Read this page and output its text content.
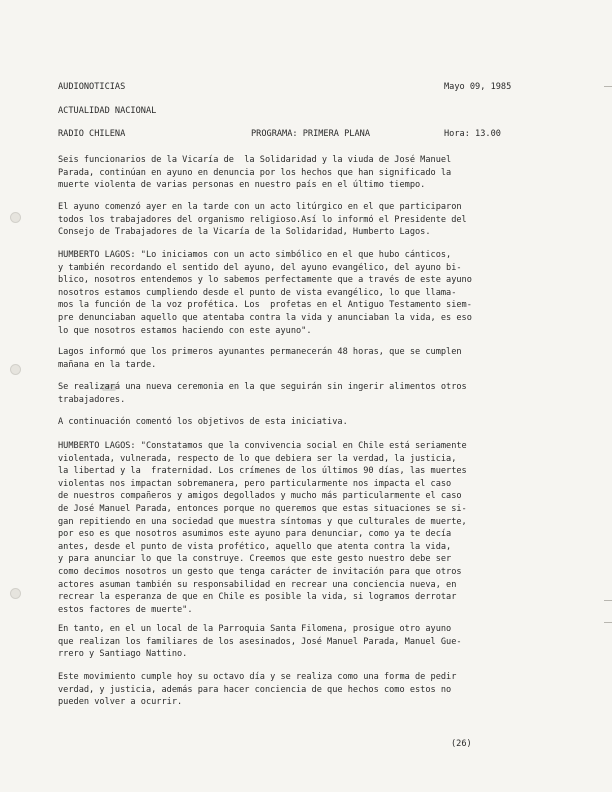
AUDIONOTICIAS	Mayo 09, 1985
ACTUALIDAD NACIONAL
RADIO CHILENA	PROGRAMA: PRIMERA PLANA	Hora: 13.00
Seis funcionarios de la Vicaría de  la Solidaridad y la viuda de José Manuel
Parada, continúan en ayuno en denuncia por los hechos que han significado la
muerte violenta de varias personas en nuestro país en el último tiempo.
El ayuno comenzó ayer en la tarde con un acto litúrgico en el que participaron
todos los trabajadores del organismo religioso.Así lo informó el Presidente del
Consejo de Trabajadores de la Vicaría de la Solidaridad, Humberto Lagos.
HUMBERTO LAGOS: "Lo iniciamos con un acto simbólico en el que hubo cánticos,
y también recordando el sentido del ayuno, del ayuno evangélico, del ayuno bi-
blico, nosotros entendemos y lo sabemos perfectamente que a través de este ayuno
nosotros estamos cumpliendo desde el punto de vista evangélico, lo que llama-
mos la función de la voz profética. Los  profetas en el Antiguo Testamento siem-
pre denunciaban aquello que atentaba contra la vida y anunciaban la vida, es eso
lo que nosotros estamos haciendo con este ayuno".
Lagos informó que los primeros ayunantes permanecerán 48 horas, que se cumplen
mañana en la tarde.
Se realizará una nueva ceremonia en la que seguirán sin ingerir alimentos otros
trabajadores.
A continuación comentó los objetivos de esta iniciativa.
HUMBERTO LAGOS: "Constatamos que la convivencia social en Chile está seriamente
violentada, vulnerada, respecto de lo que debiera ser la verdad, la justicia,
la libertad y la  fraternidad. Los crímenes de los últimos 90 días, las muertes
violentas nos impactan sobremanera, pero particularmente nos impacta el caso
de nuestros compañeros y amigos degollados y mucho más particularmente el caso
de José Manuel Parada, entonces porque no queremos que estas situaciones se si-
gan repitiendo en una sociedad que muestra síntomas y que culturales de muerte,
por eso es que nosotros asumimos este ayuno para denunciar, como ya te decía
antes, desde el punto de vista profético, aquello que atenta contra la vida,
y para anunciar lo que la construye. Creemos que este gesto nuestro debe ser
como decimos nosotros un gesto que tenga carácter de invitación para que otros
actores asuman también su responsabilidad en recrear una conciencia nueva, en
recrear la esperanza de que en Chile es posible la vida, si logramos derrotar
estos factores de muerte".
En tanto, en el un local de la Parroquia Santa Filomena, prosigue otro ayuno
que realizan los familiares de los asesinados, José Manuel Parada, Manuel Gue-
rrero y Santiago Nattino.
Este movimiento cumple hoy su octavo día y se realiza como una forma de pedir
verdad, y justicia, además para hacer conciencia de que hechos como estos no
pueden volver a ocurrir.
(26)
